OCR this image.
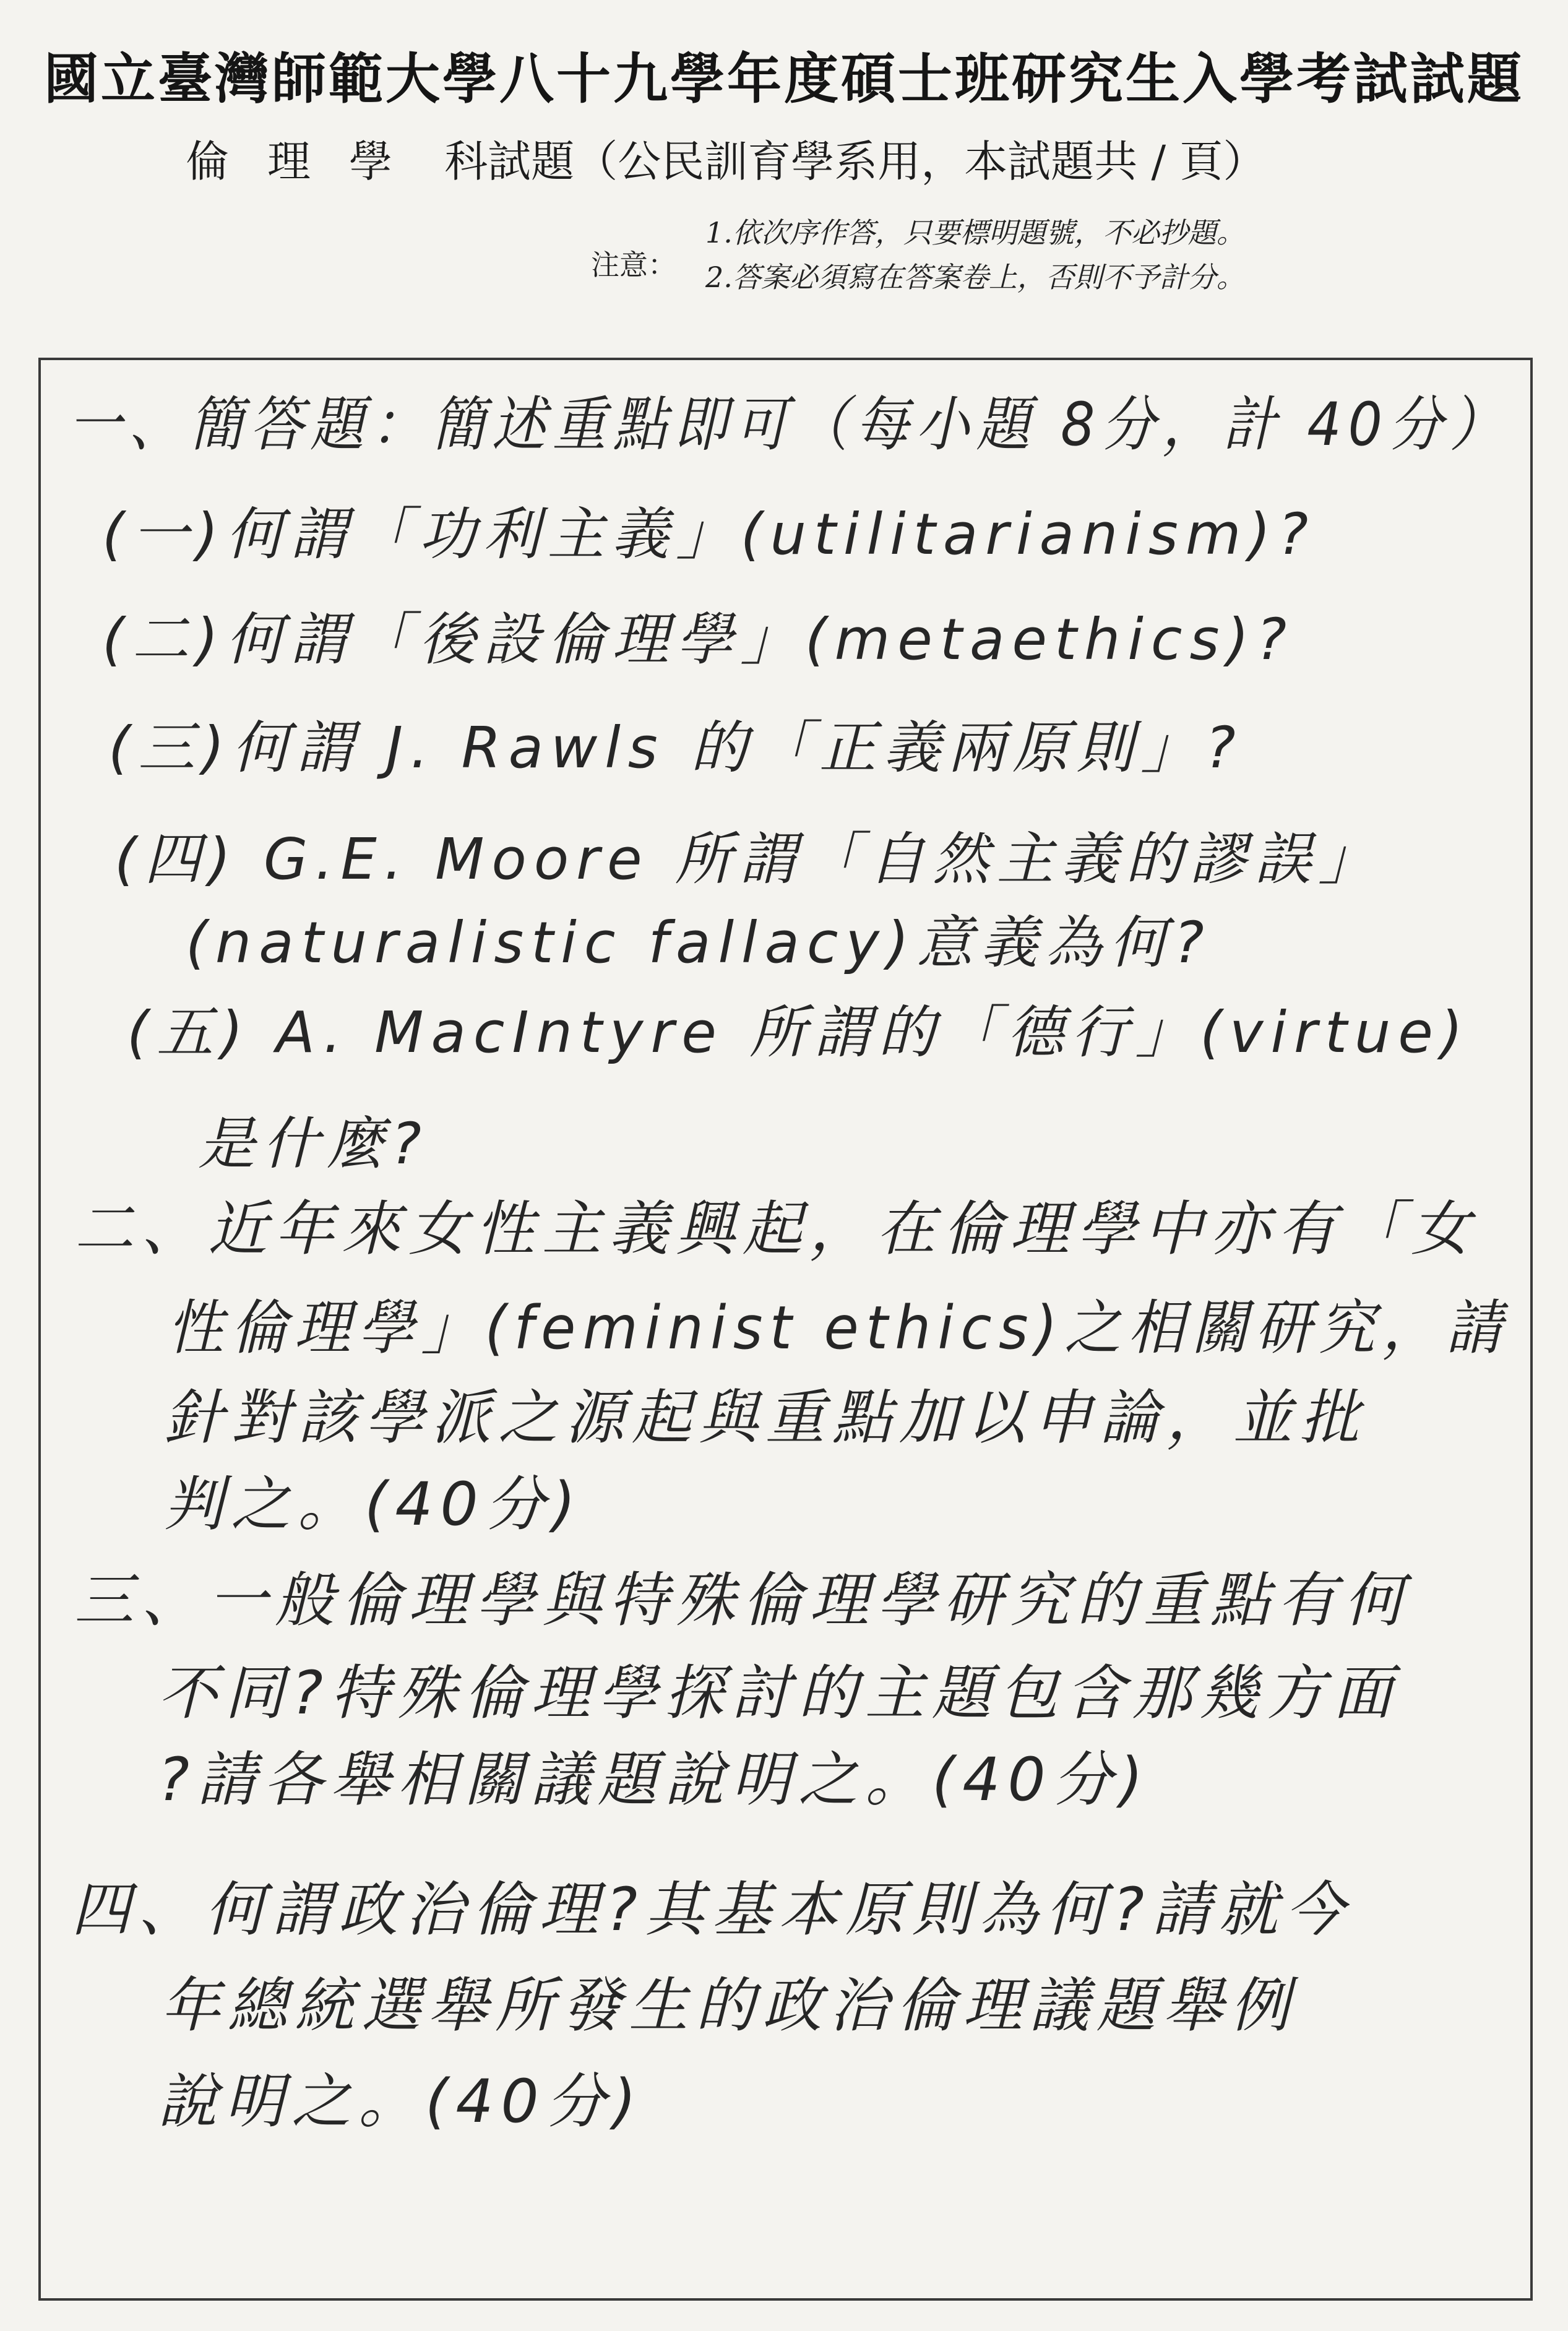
國立臺灣師範大學八十九學年度碩士班研究生入學考試試題
倫理學 科試題（公民訓育學系用，本試題共 / 頁）
注意：
1.依次序作答，只要標明題號，不必抄題。
2.答案必須寫在答案卷上，否則不予計分。
一、簡答題：簡述重點即可（每小題 8分，計 40分）
(一)何謂「功利主義」(utilitarianism)?
(二)何謂「後設倫理學」(metaethics)?
(三)何謂 J. Rawls 的「正義兩原則」?
(四) G.E. Moore 所謂「自然主義的謬誤」
(naturalistic fallacy)意義為何?
(五) A. MacIntyre 所謂的「德行」(virtue)
是什麼?
二、近年來女性主義興起，在倫理學中亦有「女
性倫理學」(feminist ethics)之相關研究，請
針對該學派之源起與重點加以申論，並批
判之。(40分)
三、一般倫理學與特殊倫理學研究的重點有何
不同?特殊倫理學探討的主題包含那幾方面
?請各舉相關議題說明之。(40分)
四、何謂政治倫理?其基本原則為何?請就今
年總統選舉所發生的政治倫理議題舉例
說明之。(40分)
